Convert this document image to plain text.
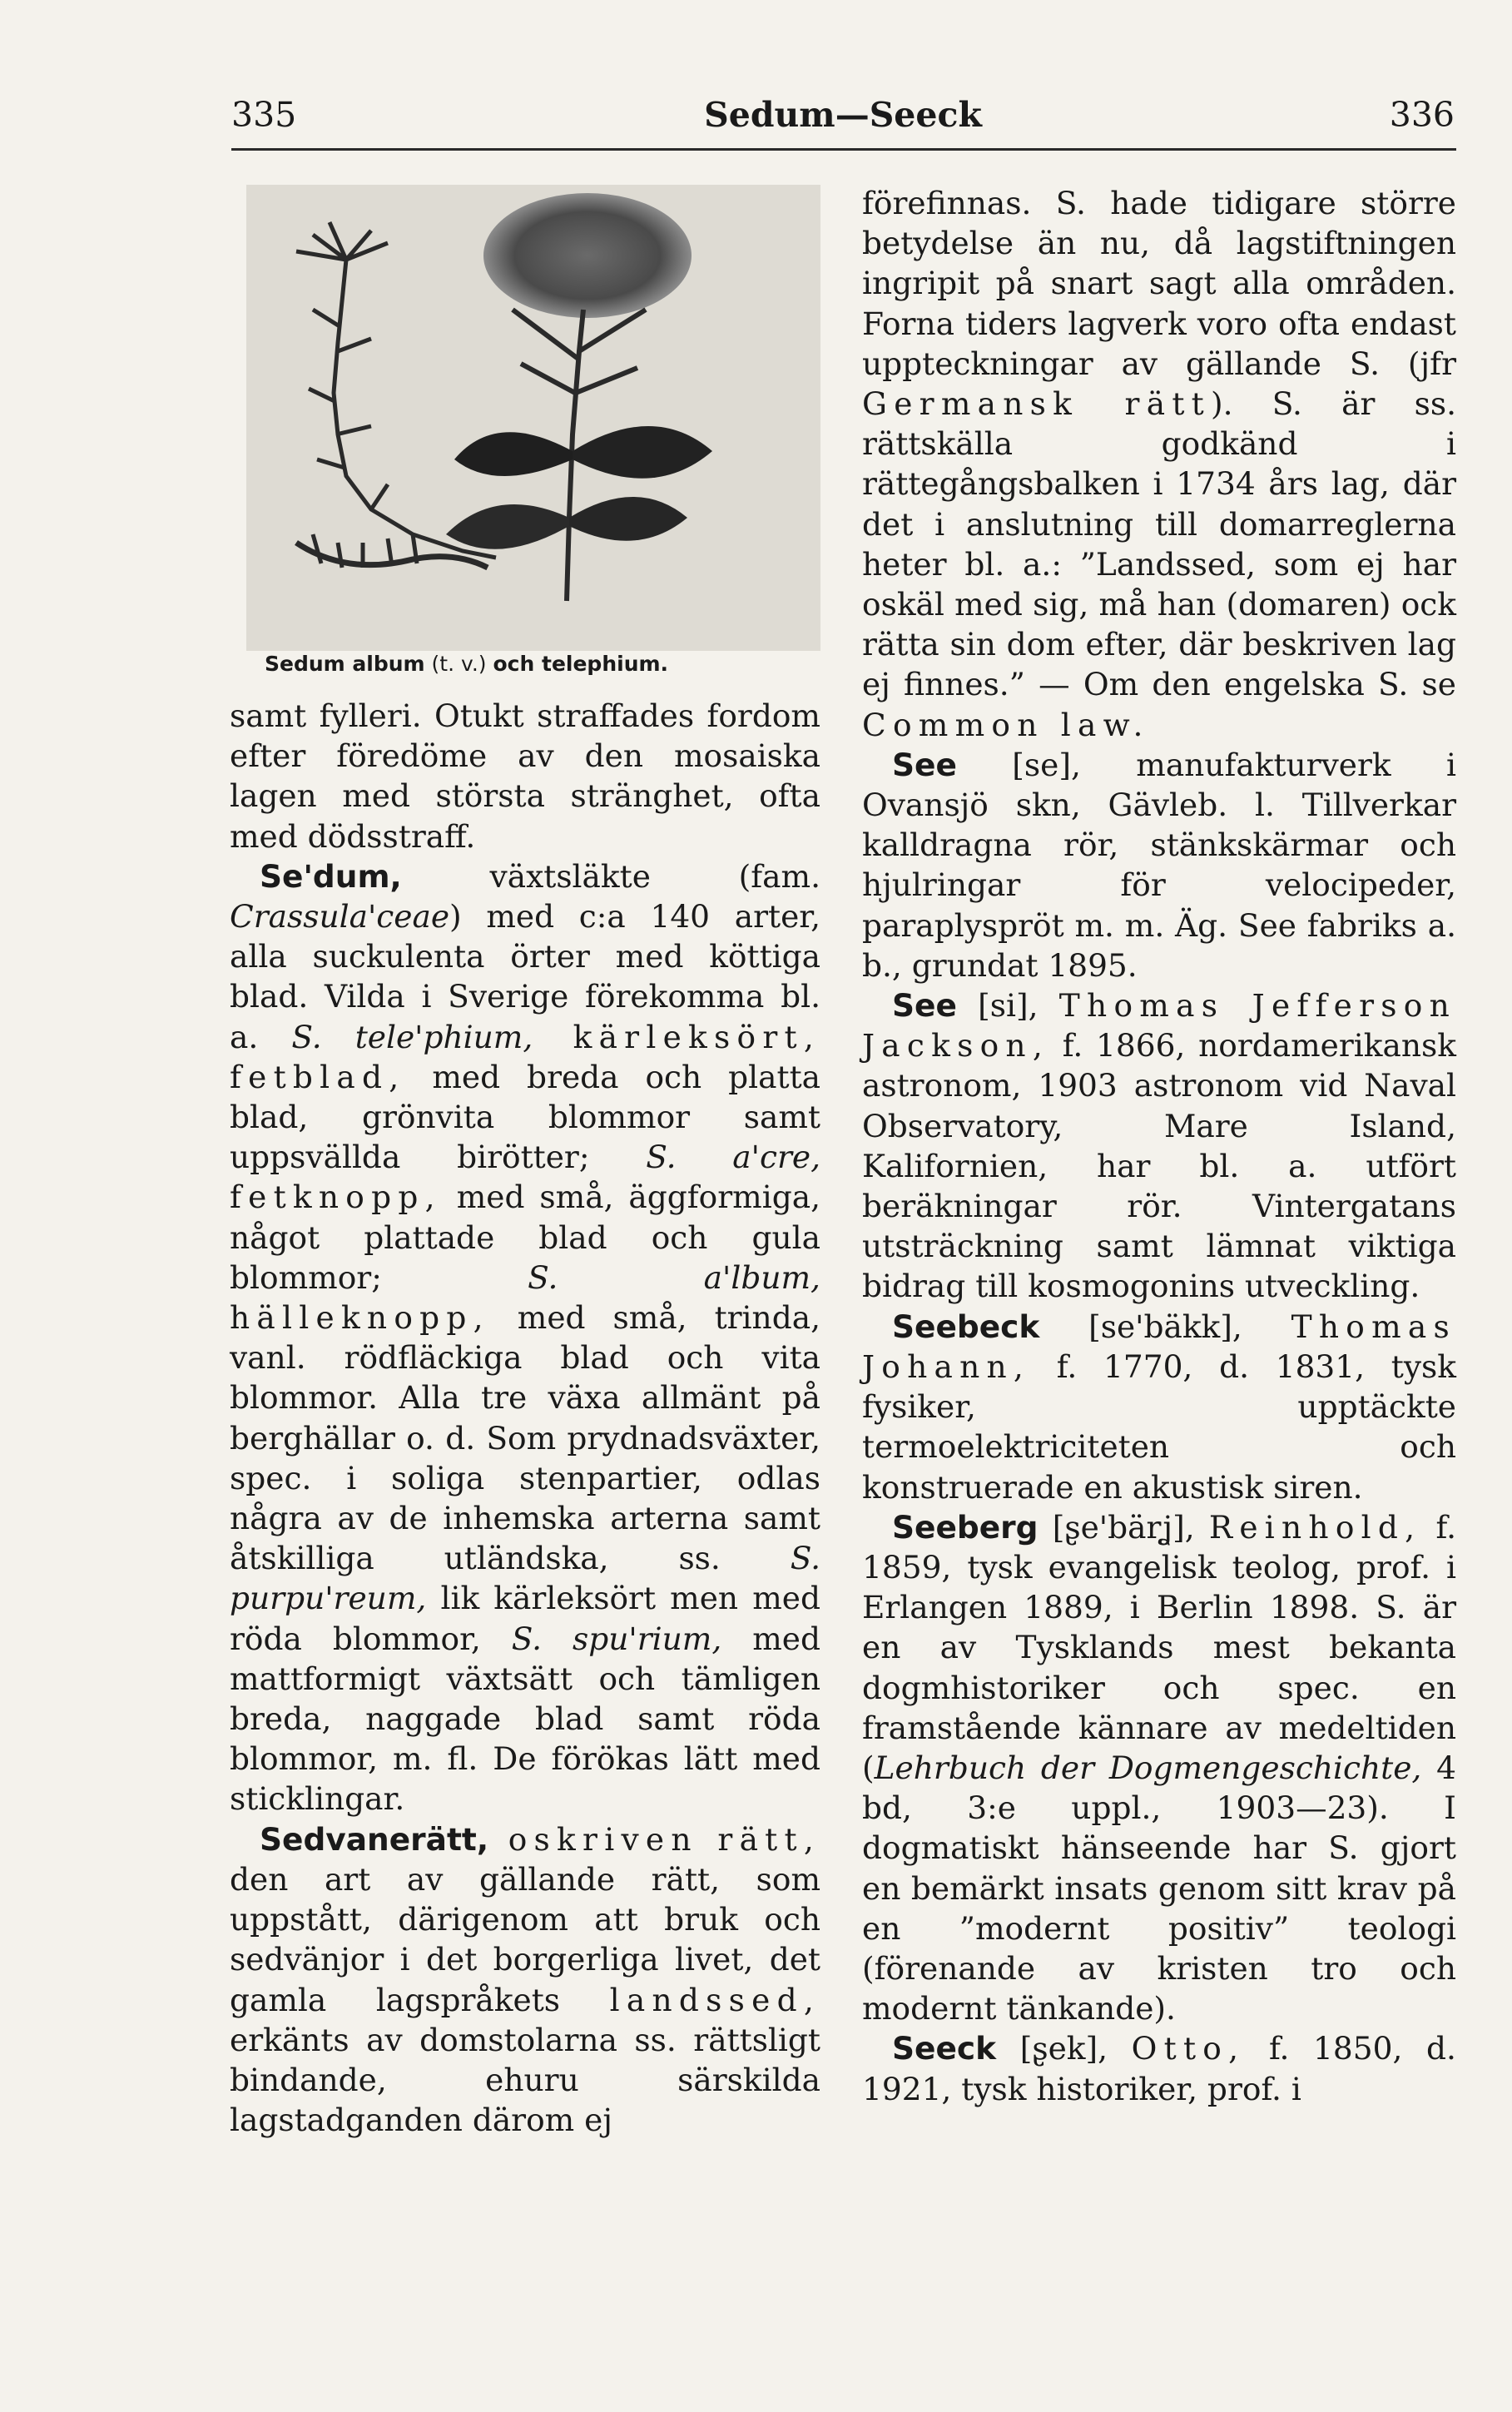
335	Sedum—Seeck	336
Sedum album (t. v.) och telephium.

samt fylleri. Otukt straffades fordom efter föredöme av den mosaiska lagen med största stränghet, ofta med dödsstraff.

Se'dum, växtsläkte (fam. Crassula'ceae) med c:a 140 arter, alla suckulenta örter med köttiga blad. Vilda i Sverige förekomma bl. a. S. tele'phium, kärleksört, fetblad, med breda och platta blad, grönvita blommor samt uppsvällda birötter; S. a'cre, fetknopp, med små, äggformiga, något plattade blad och gula blommor; S. a'lbum, hälleknopp, med små, trinda, vanl. rödfläckiga blad och vita blommor. Alla tre växa allmänt på berghällar o. d. Som prydnadsväxter, spec. i soliga stenpartier, odlas några av de inhemska arterna samt åtskilliga utländska, ss. S. purpu'reum, lik kärleksört men med röda blommor, S. spu'rium, med mattformigt växtsätt och tämligen breda, naggade blad samt röda blommor, m. fl. De förökas lätt med sticklingar.

Sedvanerätt, oskriven rätt, den art av gällande rätt, som uppstått, därigenom att bruk och sedvänjor i det borgerliga livet, det gamla lagspråkets landssed, erkänts av domstolarna ss. rättsligt bindande, ehuru särskilda lagstadganden därom ej

förefinnas. S. hade tidigare större betydelse än nu, då lagstiftningen ingripit på snart sagt alla områden. Forna tiders lagverk voro ofta endast uppteckningar av gällande S. (jfr Germansk rätt). S. är ss. rättskälla godkänd i rättegångsbalken i 1734 års lag, där det i anslutning till domarreglerna heter bl. a.: ”Landssed, som ej har oskäl med sig, må han (domaren) ock rätta sin dom efter, där beskriven lag ej finnes.” — Om den engelska S. se Common law.

See [se], manufakturverk i Ovansjö skn, Gävleb. l. Tillverkar kalldragna rör, stänkskärmar och hjulringar för velocipeder, paraplyspröt m. m. Äg. See fabriks a. b., grundat 1895.

See [si], Thomas Jefferson Jackson, f. 1866, nordamerikansk astronom, 1903 astronom vid Naval Observatory, Mare Island, Kalifornien, har bl. a. utfört beräkningar rör. Vintergatans utsträckning samt lämnat viktiga bidrag till kosmogonins utveckling.

Seebeck [se'bäkk], Thomas Johann, f. 1770, d. 1831, tysk fysiker, upptäckte termoelektriciteten och konstruerade en akustisk siren.

Seeberg [ʂe'bärʝ], Reinhold, f. 1859, tysk evangelisk teolog, prof. i Erlangen 1889, i Berlin 1898. S. är en av Tysklands mest bekanta dogmhistoriker och spec. en framstående kännare av medeltiden (Lehrbuch der Dogmengeschichte, 4 bd, 3:e uppl., 1903—23). I dogmatiskt hänseende har S. gjort en bemärkt insats genom sitt krav på en ”modernt positiv” teologi (förenande av kristen tro och modernt tänkande).

Seeck [ʂek], Otto, f. 1850, d. 1921, tysk historiker, prof. i
